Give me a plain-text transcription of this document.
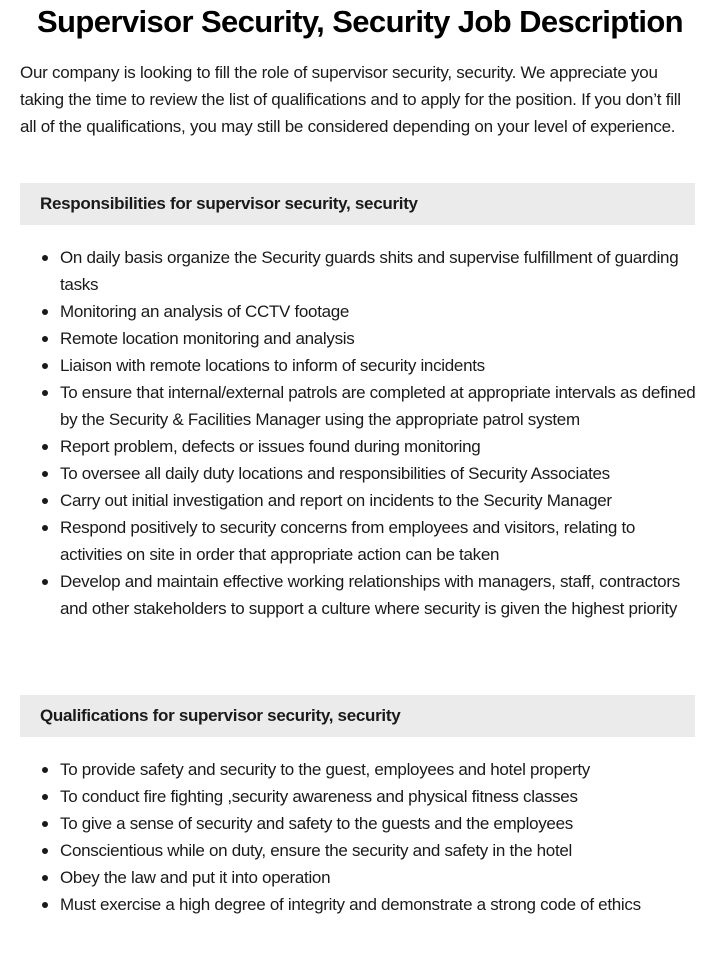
Supervisor Security, Security Job Description

Our company is looking to fill the role of supervisor security, security. We appreciate you taking the time to review the list of qualifications and to apply for the position. If you don’t fill all of the qualifications, you may still be considered depending on your level of experience.

Responsibilities for supervisor security, security
On daily basis organize the Security guards shits and supervise fulfillment of guarding tasks
Monitoring an analysis of CCTV footage
Remote location monitoring and analysis
Liaison with remote locations to inform of security incidents
To ensure that internal/external patrols are completed at appropriate intervals as defined by the Security & Facilities Manager using the appropriate patrol system
Report problem, defects or issues found during monitoring
To oversee all daily duty locations and responsibilities of Security Associates
Carry out initial investigation and report on incidents to the Security Manager
Respond positively to security concerns from employees and visitors, relating to activities on site in order that appropriate action can be taken
Develop and maintain effective working relationships with managers, staff, contractors and other stakeholders to support a culture where security is given the highest priority
Qualifications for supervisor security, security
To provide safety and security to the guest, employees and hotel property
To conduct fire fighting ,security awareness and physical fitness classes
To give a sense of security and safety to the guests and the employees
Conscientious while on duty, ensure the security and safety in the hotel
Obey the law and put it into operation
Must exercise a high degree of integrity and demonstrate a strong code of ethics
